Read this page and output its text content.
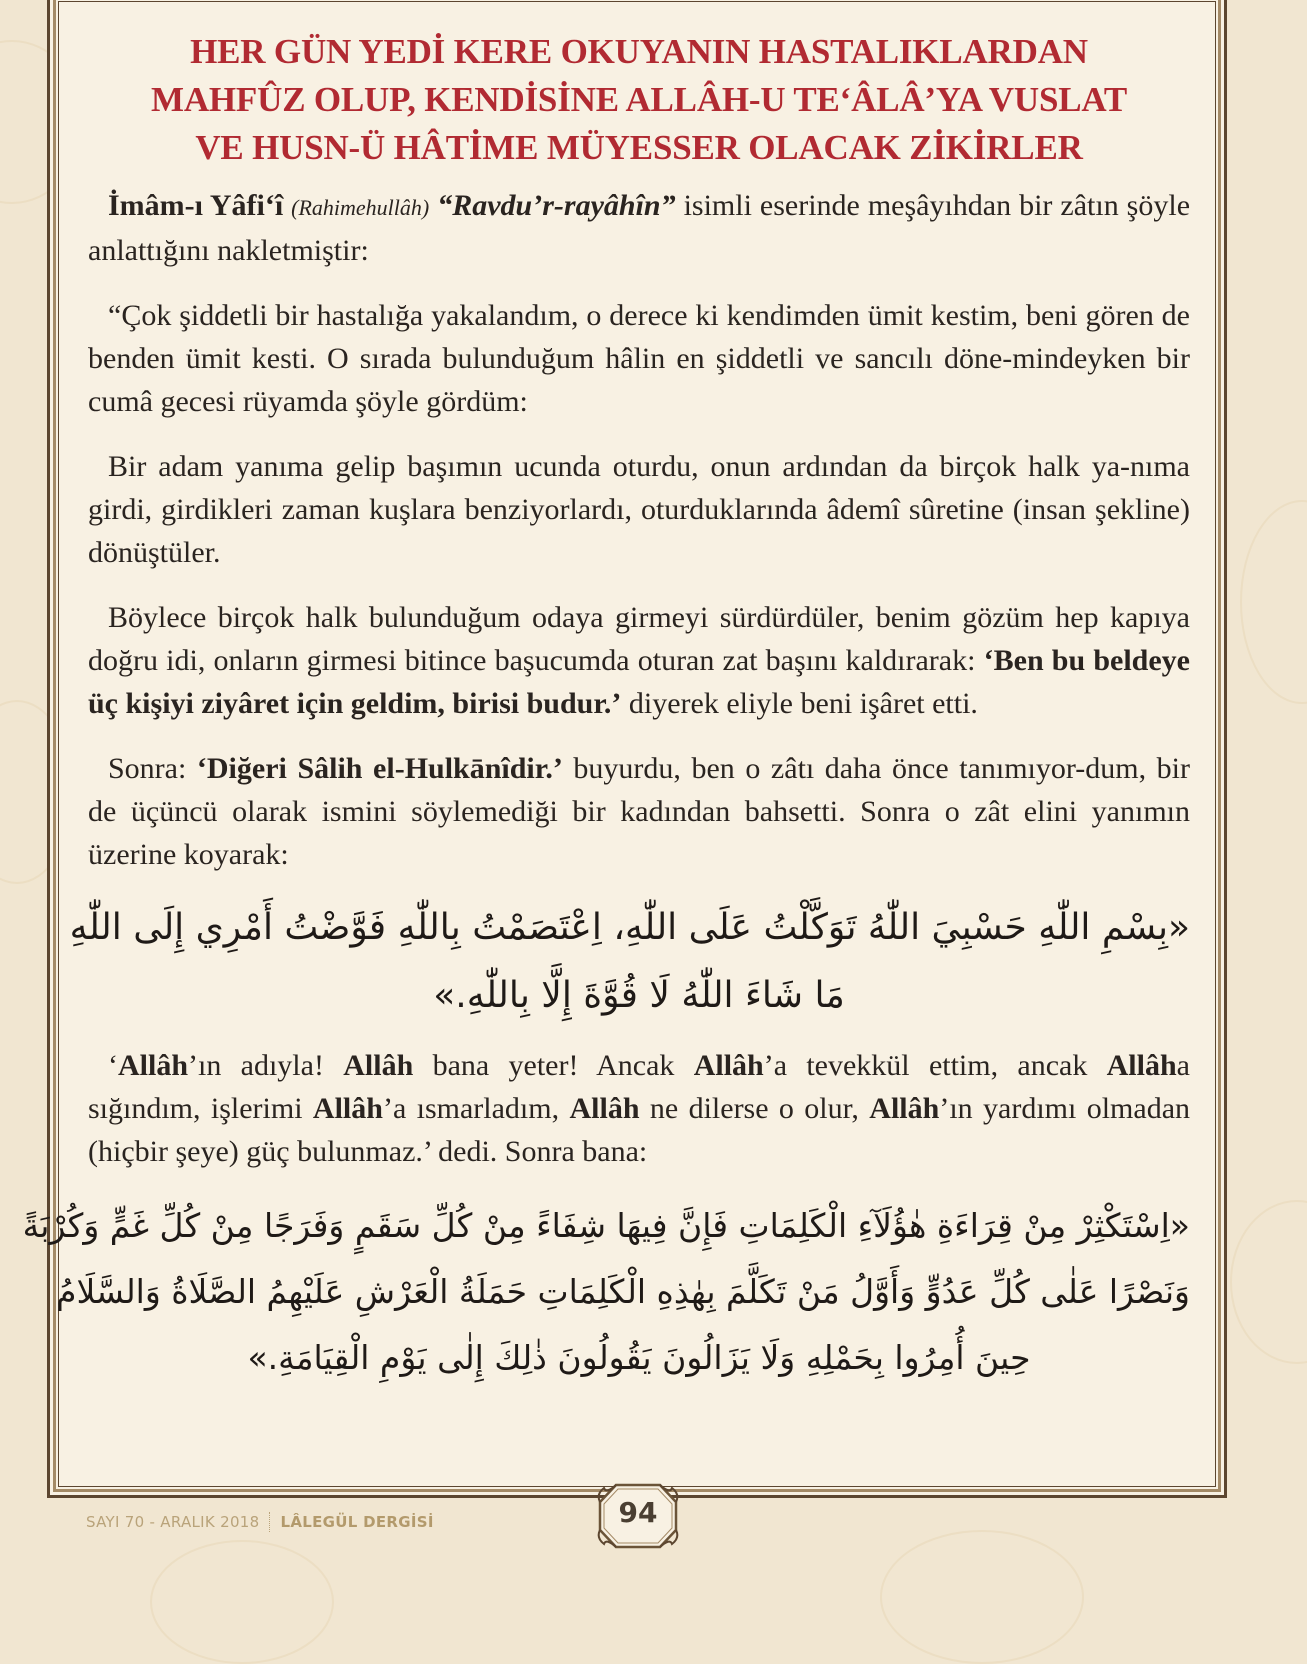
HER GÜN YEDİ KERE OKUYANIN HASTALIKLARDAN
MAHFÛZ OLUP, KENDİSİNE ALLÂH-U TE‘ÂLÂ’YA VUSLAT
VE HUSN-Ü HÂTİME MÜYESSER OLACAK ZİKİRLER

İmâm-ı Yâfi‘î (Rahimehullâh) “Ravdu’r-rayâhîn” isimli eserinde meşâyıhdan bir zâtın şöyle anlattığını nakletmiştir:

“Çok şiddetli bir hastalığa yakalandım, o derece ki kendimden ümit kestim, beni gören de benden ümit kesti. O sırada bulunduğum hâlin en şiddetli ve sancılı döne-mindeyken bir cumâ gecesi rüyamda şöyle gördüm:

Bir adam yanıma gelip başımın ucunda oturdu, onun ardından da birçok halk ya-nıma girdi, girdikleri zaman kuşlara benziyorlardı, oturduklarında âdemî sûretine (insan şekline) dönüştüler.

Böylece birçok halk bulunduğum odaya girmeyi sürdürdüler, benim gözüm hep kapıya doğru idi, onların girmesi bitince başucumda oturan zat başını kaldırarak: ‘Ben bu beldeye üç kişiyi ziyâret için geldim, birisi budur.’ diyerek eliyle beni işâret etti.

Sonra: ‘Diğeri Sâlih el-Hulkānîdir.’ buyurdu, ben o zâtı daha önce tanımıyor-dum, bir de üçüncü olarak ismini söylemediği bir kadından bahsetti. Sonra o zât elini yanımın üzerine koyarak:

«بِسْمِ اللّٰهِ حَسْبِيَ اللّٰهُ تَوَكَّلْتُ عَلَى اللّٰهِ، اِعْتَصَمْتُ بِاللّٰهِ فَوَّضْتُ أَمْرِي إِلَى اللّٰهِ
مَا شَاءَ اللّٰهُ لَا قُوَّةَ إِلَّا بِاللّٰهِ.»

‘Allâh’ın adıyla! Allâh bana yeter! Ancak Allâh’a tevekkül ettim, ancak Allâha sığındım, işlerimi Allâh’a ısmarladım, Allâh ne dilerse o olur, Allâh’ın yardımı olmadan (hiçbir şeye) güç bulunmaz.’ dedi. Sonra bana:

«اِسْتَكْثِرْ مِنْ قِرَاءَةِ هٰؤُلَآءِ الْكَلِمَاتِ فَإِنَّ فِيهَا شِفَاءً مِنْ كُلِّ سَقَمٍ وَفَرَجًا مِنْ كُلِّ غَمٍّ وَكُرْبَةً
وَنَصْرًا عَلٰى كُلِّ عَدُوٍّ وَأَوَّلُ مَنْ تَكَلَّمَ بِهٰذِهِ الْكَلِمَاتِ حَمَلَةُ الْعَرْشِ عَلَيْهِمُ الصَّلَاةُ وَالسَّلَامُ
حِينَ أُمِرُوا بِحَمْلِهِ وَلَا يَزَالُونَ يَقُولُونَ ذٰلِكَ إِلٰى يَوْمِ الْقِيَامَةِ.»
SAYI 70 - ARALIK 2018 LÂLEGÜL DERGİSİ	94
